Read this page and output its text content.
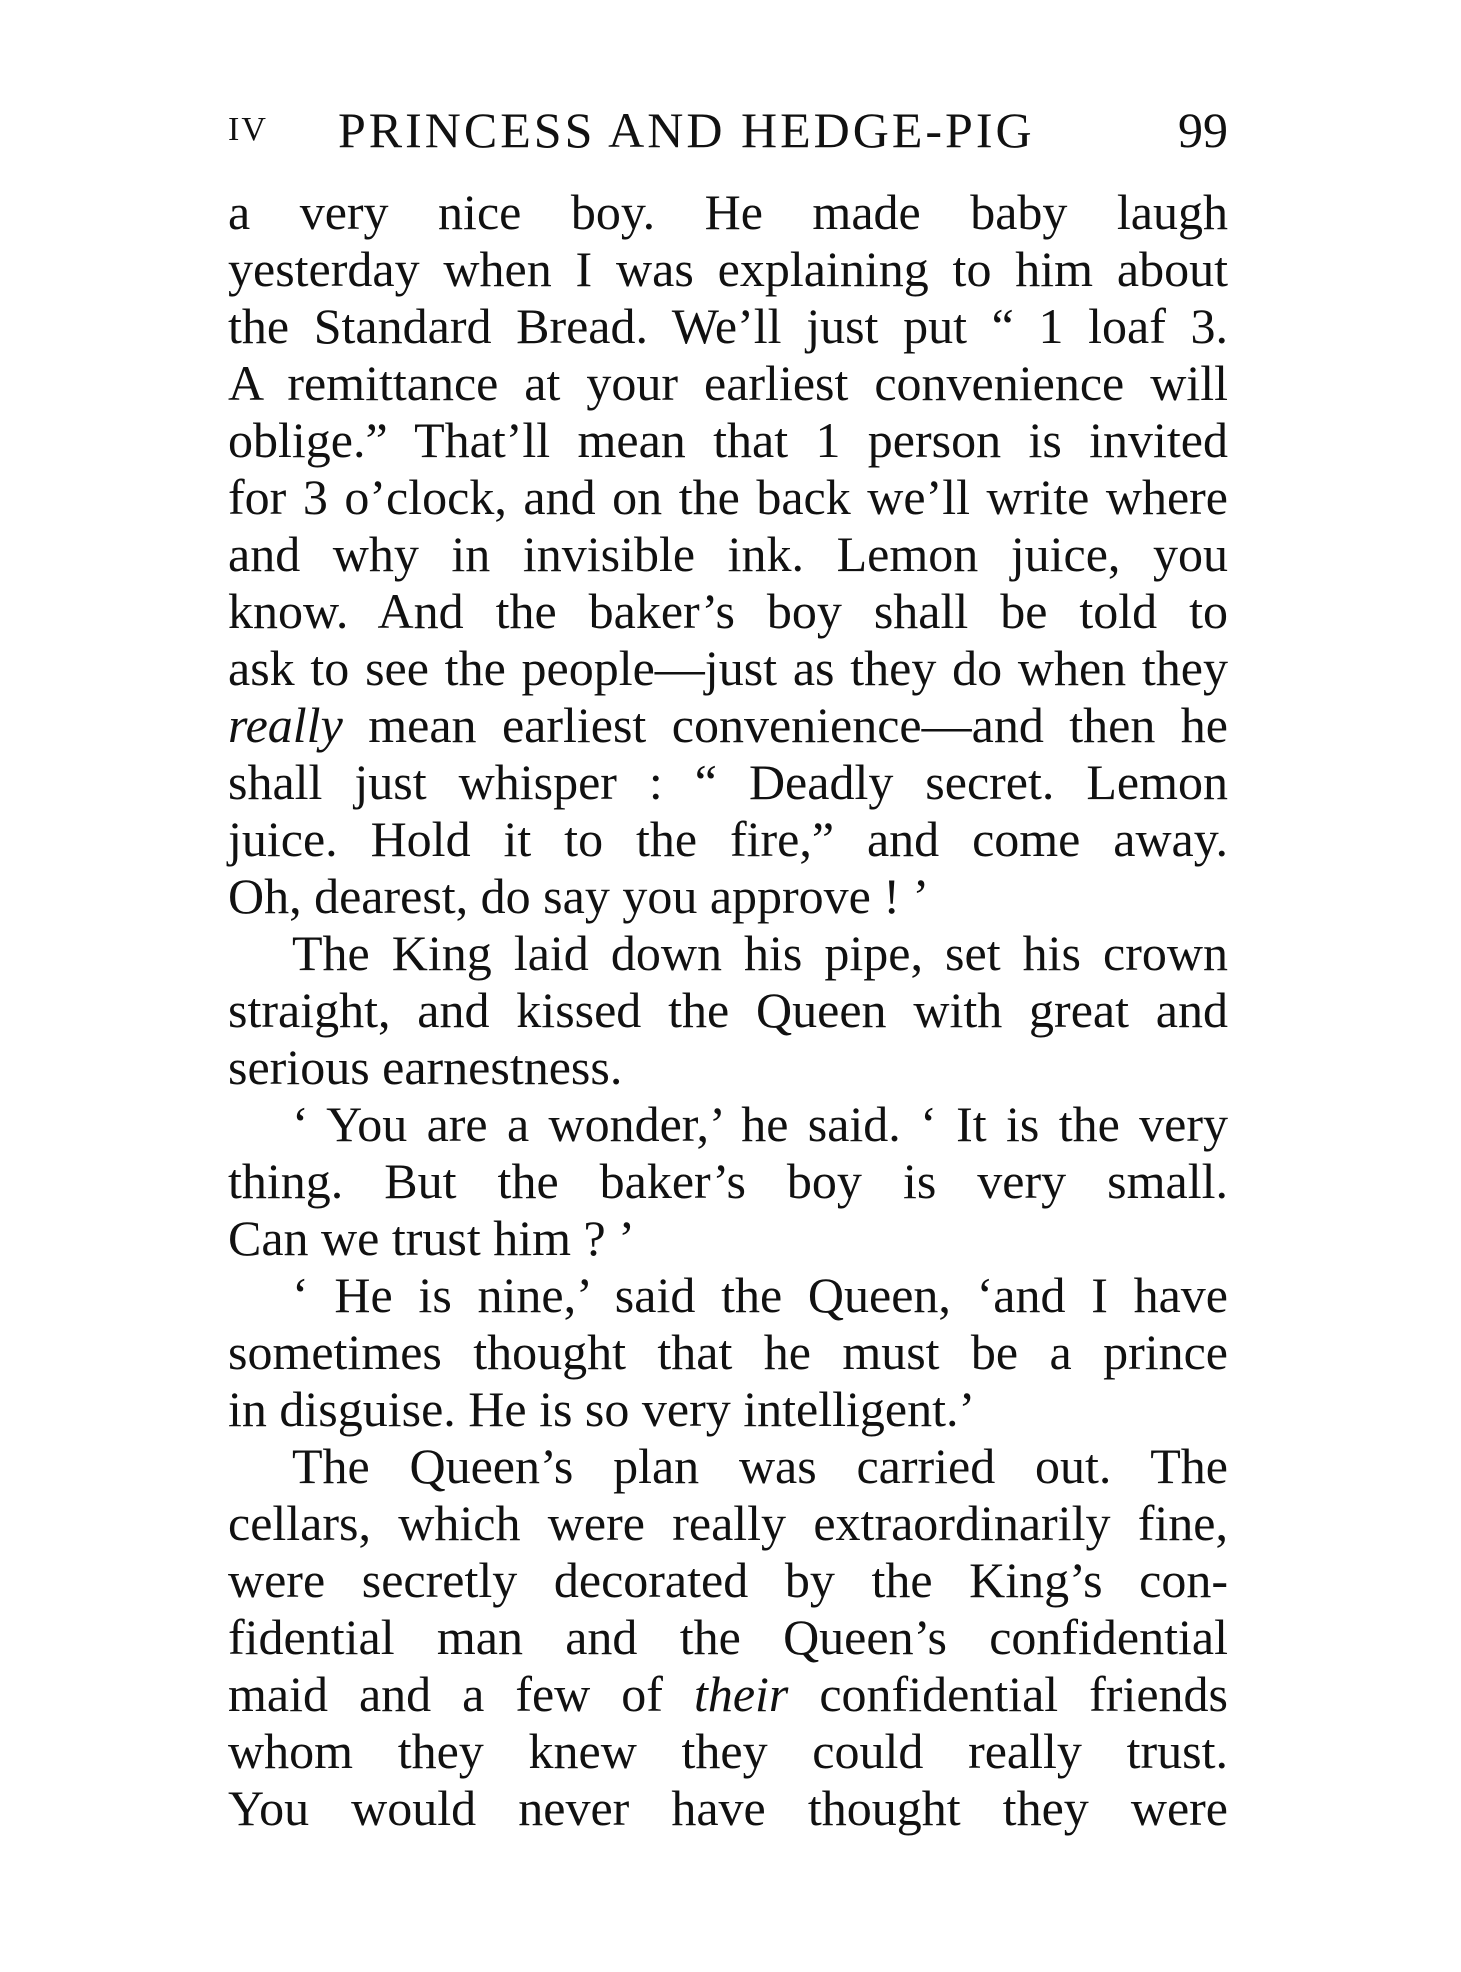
IV PRINCESS AND HEDGE-PIG	99
a very nice boy. He made baby laugh
yesterday when I was explaining to him about
the Standard Bread. We’ll just put “ 1 loaf 3.
A remittance at your earliest convenience will
oblige.” That’ll mean that 1 person is invited
for 3 o’clock, and on the back we’ll write where
and why in invisible ink. Lemon juice, you
know. And the baker’s boy shall be told to
ask to see the people—just as they do when they
really mean earliest convenience—and then he
shall just whisper : “ Deadly secret. Lemon
juice. Hold it to the fire,” and come away.
Oh, dearest, do say you approve ! ’
The King laid down his pipe, set his crown
straight, and kissed the Queen with great and
serious earnestness.
‘ You are a wonder,’ he said. ‘ It is the very
thing. But the baker’s boy is very small.
Can we trust him ? ’
‘ He is nine,’ said the Queen, ‘and I have
sometimes thought that he must be a prince
in disguise. He is so very intelligent.’
The Queen’s plan was carried out. The
cellars, which were really extraordinarily fine,
were secretly decorated by the King’s con-
fidential man and the Queen’s confidential
maid and a few of their confidential friends
whom they knew they could really trust.
You would never have thought they were
